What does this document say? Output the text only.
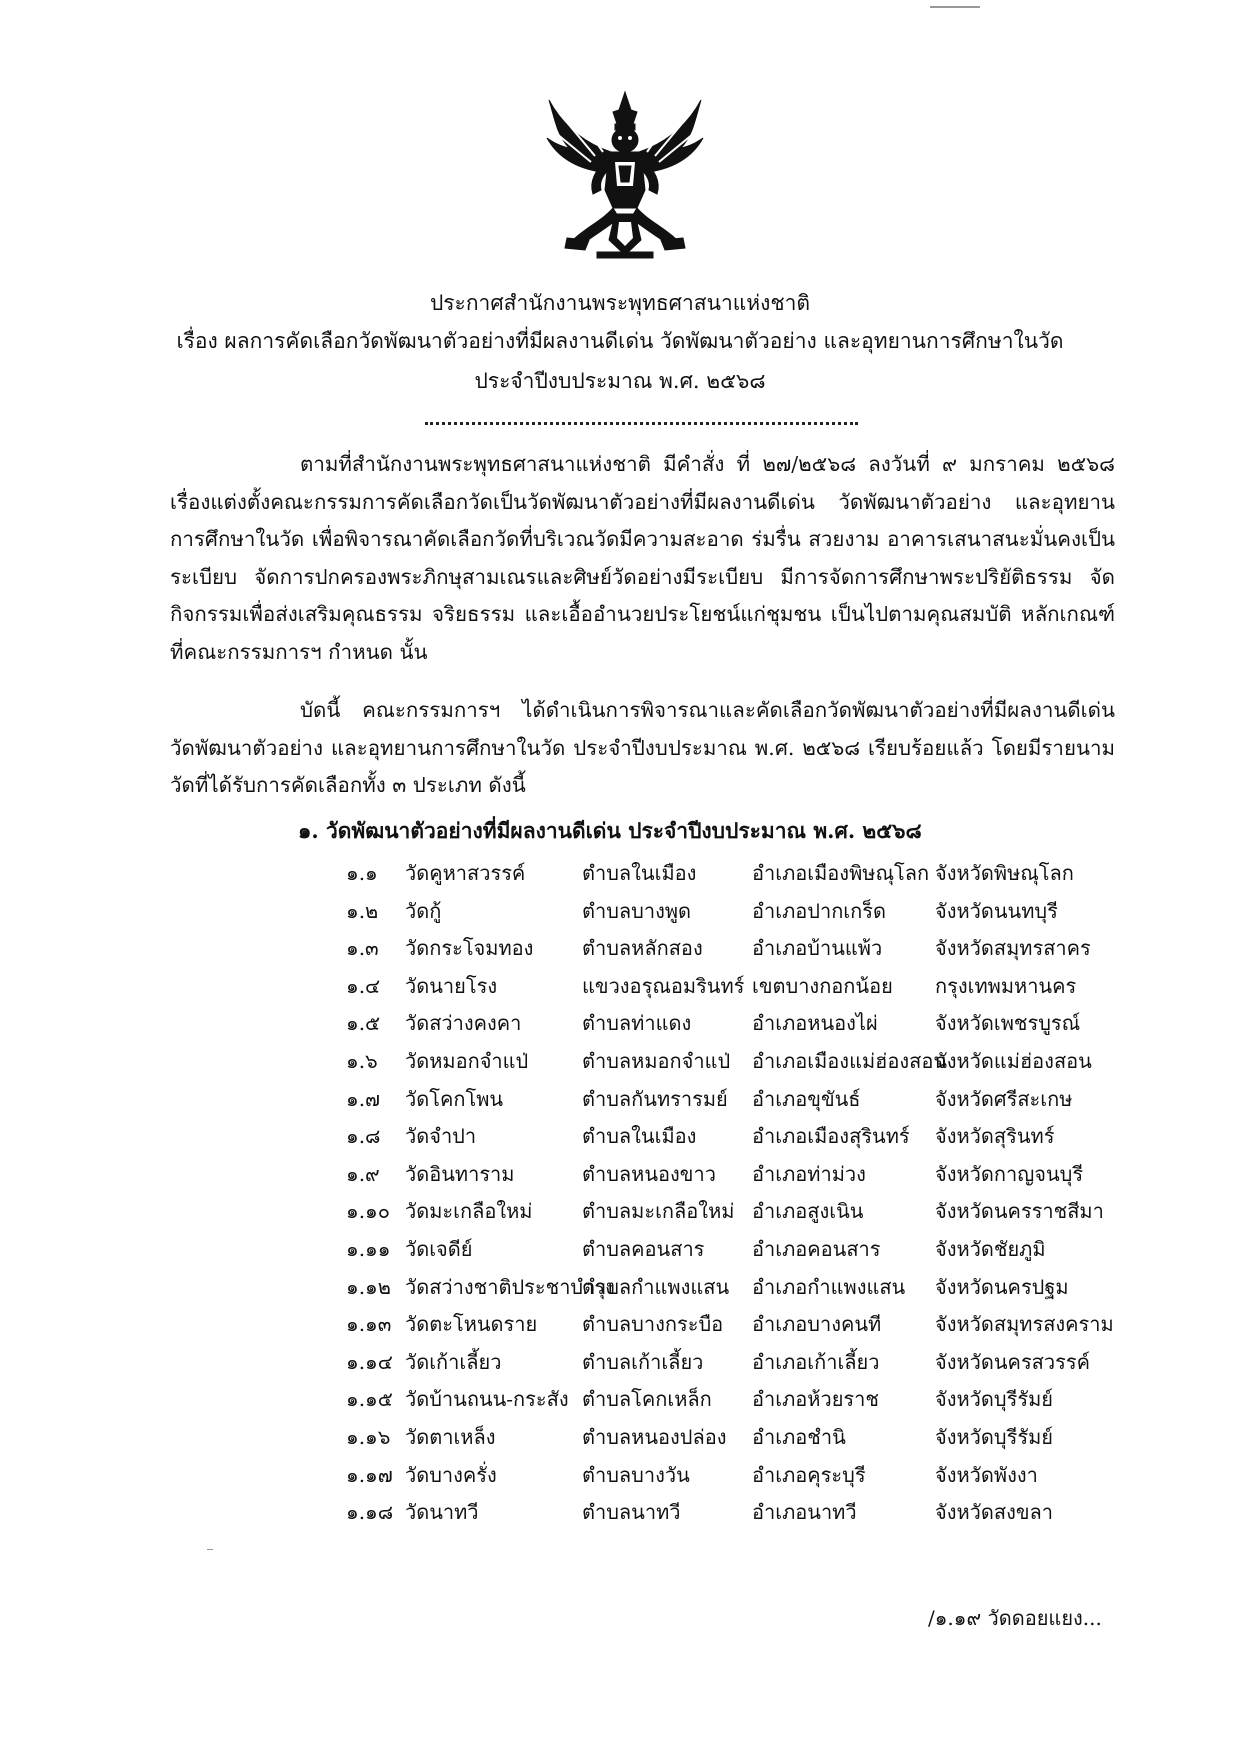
ประกาศสำนักงานพระพุทธศาสนาแห่งชาติ
เรื่อง ผลการคัดเลือกวัดพัฒนาตัวอย่างที่มีผลงานดีเด่น วัดพัฒนาตัวอย่าง และอุทยานการศึกษาในวัด
ประจำปีงบประมาณ พ.ศ. ๒๕๖๘
ตามที่สำนักงานพระพุทธศาสนาแห่งชาติ มีคำสั่ง ที่ ๒๗/๒๕๖๘ ลงวันที่ ๙ มกราคม ๒๕๖๘ เรื่องแต่งตั้งคณะกรรมการคัดเลือกวัดเป็นวัดพัฒนาตัวอย่างที่มีผลงานดีเด่น วัดพัฒนาตัวอย่าง และอุทยานการศึกษาในวัด เพื่อพิจารณาคัดเลือกวัดที่บริเวณวัดมีความสะอาด ร่มรื่น สวยงาม อาคารเสนาสนะมั่นคงเป็นระเบียบ จัดการปกครองพระภิกษุสามเณรและศิษย์วัดอย่างมีระเบียบ มีการจัดการศึกษาพระปริยัติธรรม จัดกิจกรรมเพื่อส่งเสริมคุณธรรม จริยธรรม และเอื้ออำนวยประโยชน์แก่ชุมชน เป็นไปตามคุณสมบัติ หลักเกณฑ์ ที่คณะกรรมการฯ กำหนด นั้น
บัดนี้ คณะกรรมการฯ ได้ดำเนินการพิจารณาและคัดเลือกวัดพัฒนาตัวอย่างที่มีผลงานดีเด่น วัดพัฒนาตัวอย่าง และอุทยานการศึกษาในวัด ประจำปีงบประมาณ พ.ศ. ๒๕๖๘ เรียบร้อยแล้ว โดยมีรายนามวัดที่ได้รับการคัดเลือกทั้ง ๓ ประเภท ดังนี้
๑. วัดพัฒนาตัวอย่างที่มีผลงานดีเด่น ประจำปีงบประมาณ พ.ศ. ๒๕๖๘
๑.๑ วัดคูหาสวรรค์	ตำบลในเมือง	อำเภอเมืองพิษณุโลก จังหวัดพิษณุโลก
๑.๒ วัดกู้	ตำบลบางพูด	อำเภอปากเกร็ด จังหวัดนนทบุรี
๑.๓ วัดกระโจมทอง ตำบลหลักสอง อำเภอบ้านแพ้ว	จังหวัดสมุทรสาคร
๑.๔ วัดนายโรง	แขวงอรุณอมรินทร์ เขตบางกอกน้อย กรุงเทพมหานคร
๑.๕ วัดสว่างคงคา	ตำบลท่าแดง	อำเภอหนองไผ่	จังหวัดเพชรบูรณ์
๑.๖ วัดหมอกจำแป่	ตำบลหมอกจำแป่ อำเภอเมืองแม่ฮ่องสอน
จังหวัดแม่ฮ่องสอน
๑.๗ วัดโคกโพน	ตำบลกันทรารมย์ อำเภอขุขันธ์	จังหวัดศรีสะเกษ
๑.๘ วัดจำปา	ตำบลในเมือง	อำเภอเมืองสุรินทร์ จังหวัดสุรินทร์
๑.๙ วัดอินทาราม	ตำบลหนองขาว อำเภอท่าม่วง	จังหวัดกาญจนบุรี
๑.๑๐ วัดมะเกลือใหม่ ตำบลมะเกลือใหม่ อำเภอสูงเนิน	จังหวัดนครราชสีมา
๑.๑๑ วัดเจดีย์	ตำบลคอนสาร อำเภอคอนสาร	จังหวัดชัยภูมิ
๑.๑๒ วัดสว่างชาติประชาบำรุง
ตำบลกำแพงแสน อำเภอกำแพงแสน จังหวัดนครปฐม
๑.๑๓ วัดตะโหนดราย ตำบลบางกระบือ อำเภอบางคนที	จังหวัดสมุทรสงคราม
๑.๑๔ วัดเก้าเลี้ยว	ตำบลเก้าเลี้ยว อำเภอเก้าเลี้ยว	จังหวัดนครสวรรค์
๑.๑๕ วัดบ้านถนน-กระสัง ตำบลโคกเหล็ก อำเภอห้วยราช	จังหวัดบุรีรัมย์
๑.๑๖ วัดตาเหล็ง	ตำบลหนองปล่อง อำเภอชำนิ	จังหวัดบุรีรัมย์
๑.๑๗ วัดบางครั่ง	ตำบลบางวัน	อำเภอคุระบุรี	จังหวัดพังงา
๑.๑๘ วัดนาทวี	ตำบลนาทวี	อำเภอนาทวี	จังหวัดสงขลา
/๑.๑๙ วัดดอยแยง...
